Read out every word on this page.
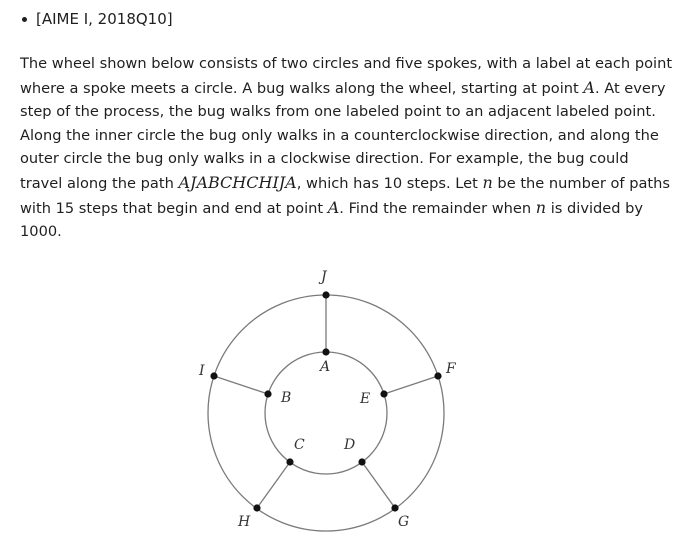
[AIME I, 2018Q10]

The wheel shown below consists of two circles and five spokes, with a label at each point where a spoke meets a circle. A bug walks along the wheel, starting at point A. At every step of the process, the bug walks from one labeled point to an adjacent labeled point. Along the inner circle the bug only walks in a counterclockwise direction, and along the outer circle the bug only walks in a clockwise direction. For example, the bug could travel along the path AJABCHCHIJA, which has 10 steps. Let n be the number of paths with 15 steps that begin and end at point A. Find the remainder when n is divided by 1000.

J
A
I	F
B	E
C	D
H	G
